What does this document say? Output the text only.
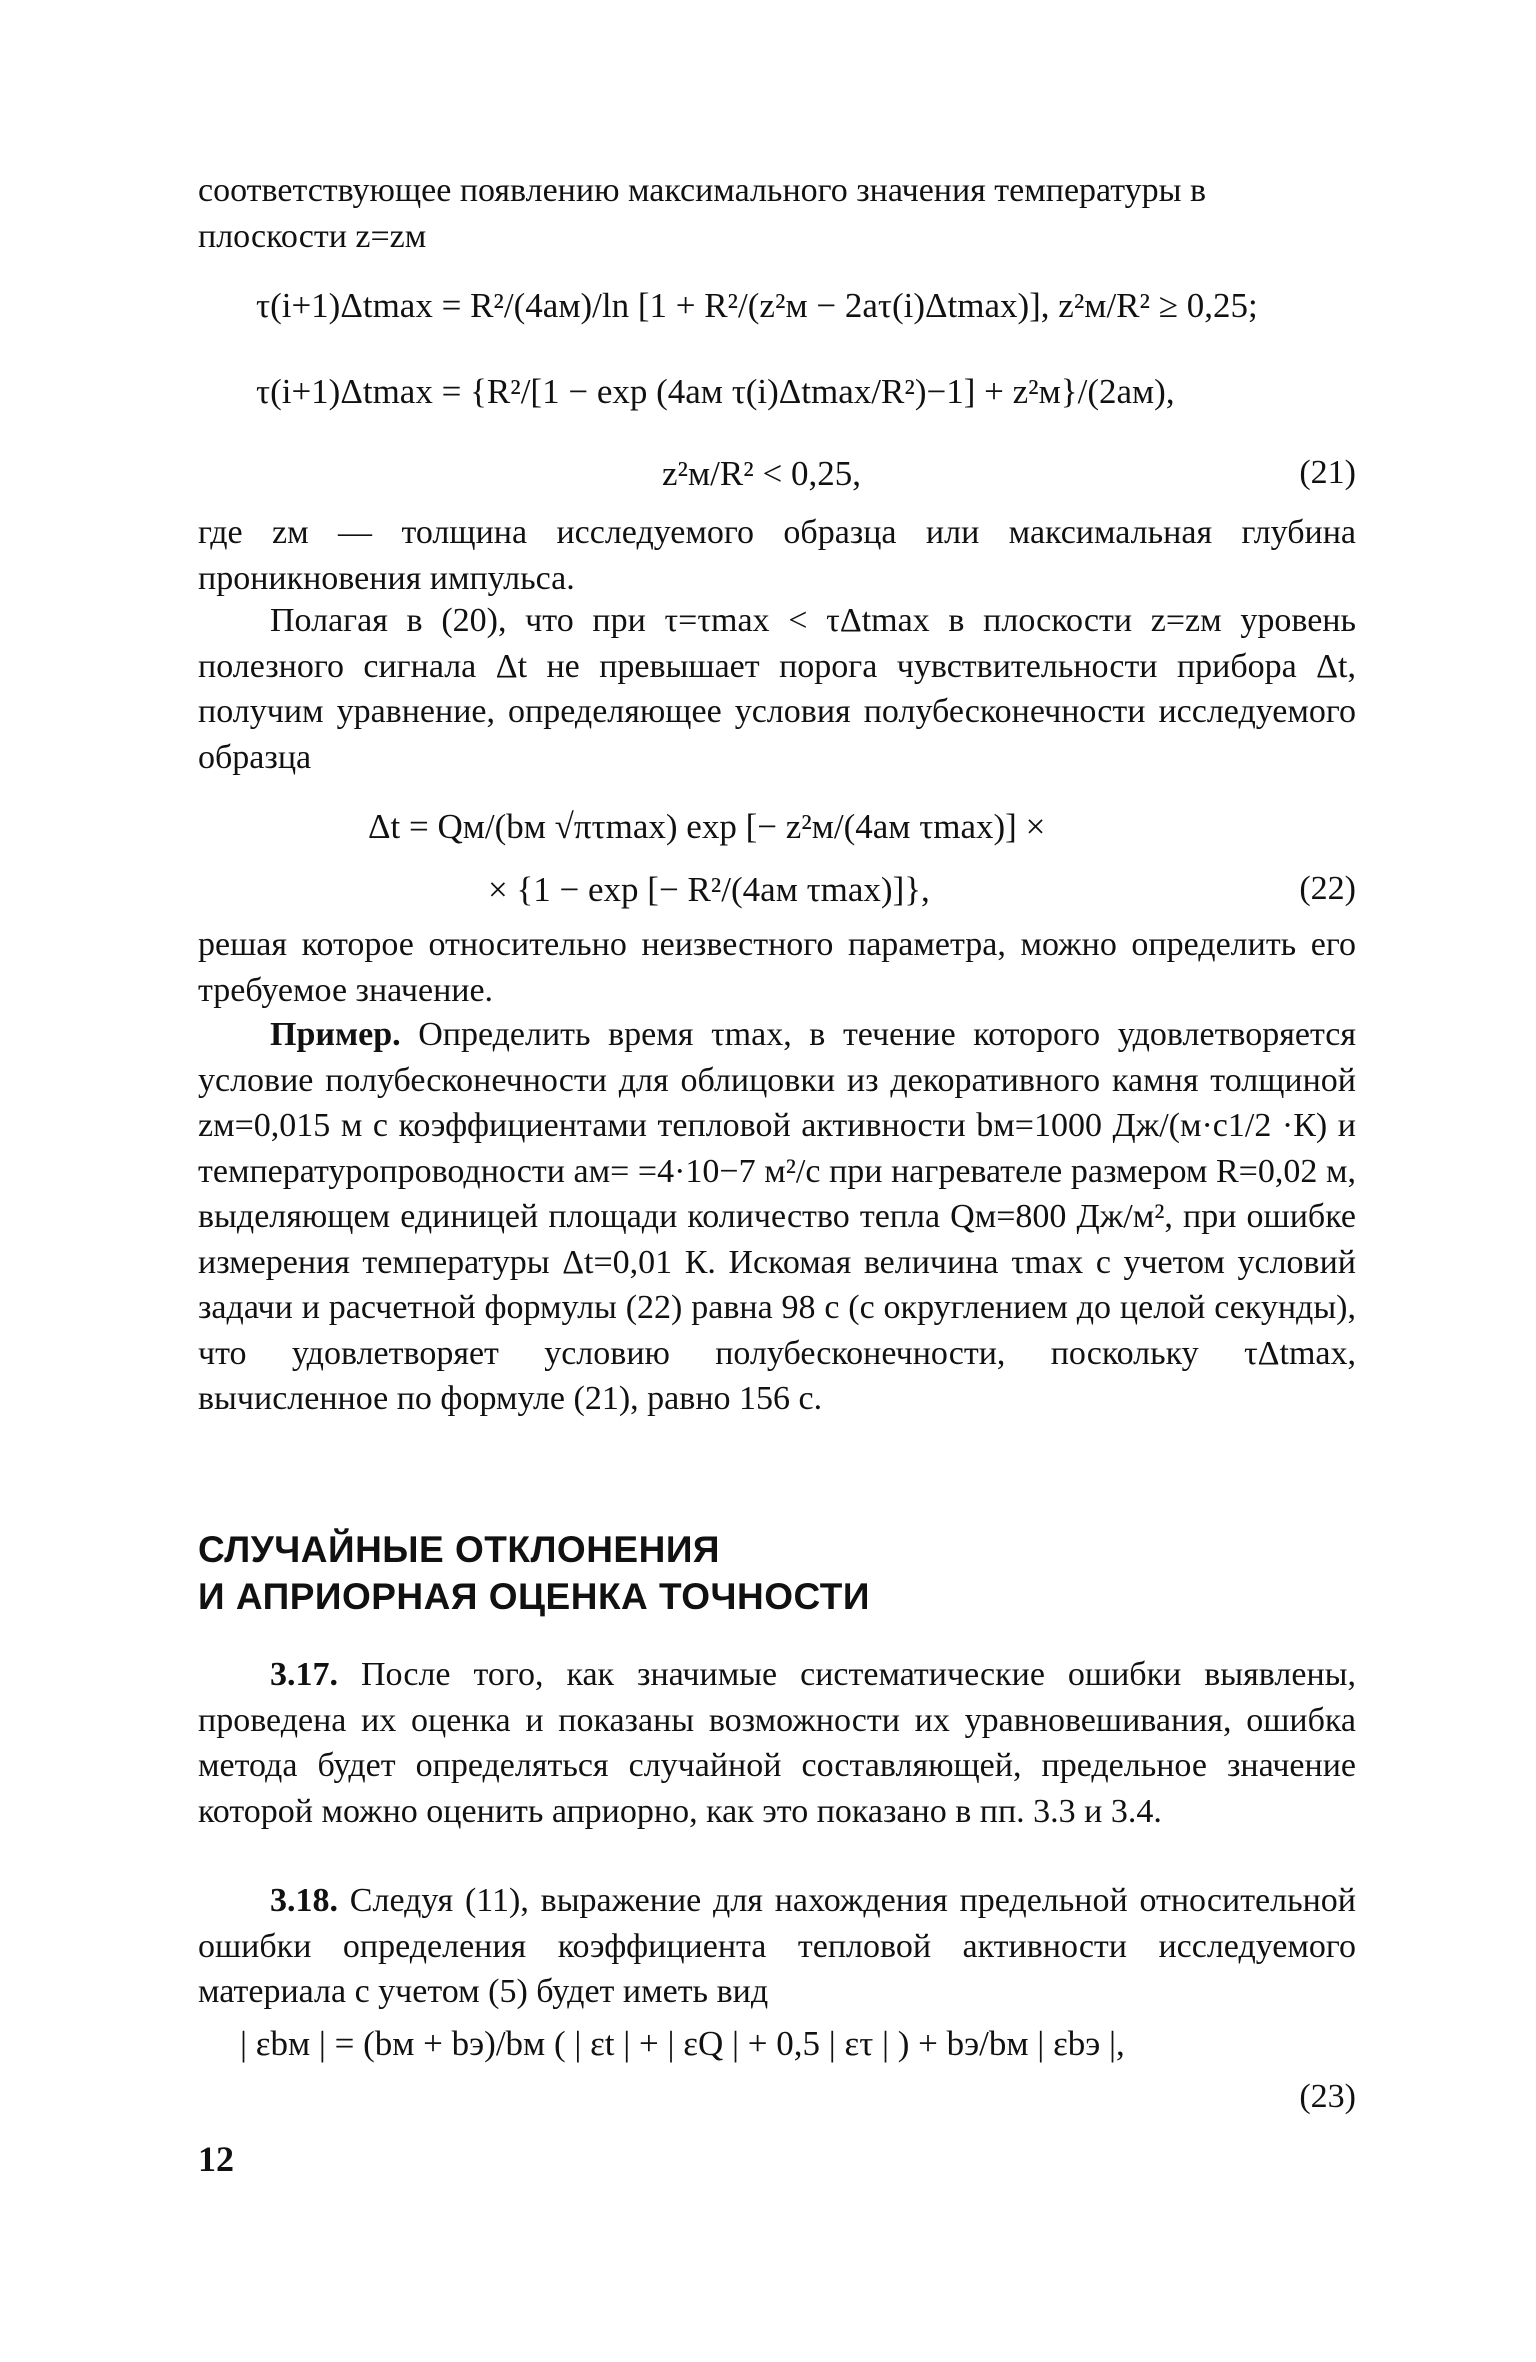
соответствующее появлению максимального значения температуры в

плоскости z=zм

τ(i+1)Δtmax = R²/(4aм)/ln [1 + R²/(z²м − 2aτ(i)Δtmax)], z²м/R² ≥ 0,25;
τ(i+1)Δtmax = {R²/[1 − exp (4aм τ(i)Δtmax/R²)−1] + z²м}/(2aм),
z²м/R² < 0,25,	(21)

где zм — толщина исследуемого образца или максимальная глубина проникновения импульса.

Полагая в (20), что при τ=τmax < τΔtmax в плоскости z=zм уровень полезного сигнала Δt не превышает порога чувствительности прибора Δt, получим уравнение, определяющее условия полубесконечности исследуемого образца

Δt = Qм/(bм √πτmax) exp [− z²м/(4aм τmax)] ×
× {1 − exp [− R²/(4aм τmax)]},	(22)

решая которое относительно неизвестного параметра, можно определить его требуемое значение.

Пример. Определить время τmax, в течение которого удовлетворяется условие полубесконечности для облицовки из декоративного камня толщиной zм=0,015 м с коэффициентами тепловой активности bм=1000 Дж/(м·с1/2 ·К) и температуропроводности aм= =4·10−7 м²/с при нагревателе размером R=0,02 м, выделяющем единицей площади количество тепла Qм=800 Дж/м², при ошибке измерения температуры Δt=0,01 К. Искомая величина τmax с учетом условий задачи и расчетной формулы (22) равна 98 с (с округлением до целой секунды), что удовлетворяет условию полубесконечности, поскольку τΔtmax, вычисленное по формуле (21), равно 156 с.

СЛУЧАЙНЫЕ ОТКЛОНЕНИЯ
И АПРИОРНАЯ ОЦЕНКА ТОЧНОСТИ

3.17. После того, как значимые систематические ошибки выявлены, проведена их оценка и показаны возможности их уравновешивания, ошибка метода будет определяться случайной составляющей, предельное значение которой можно оценить априорно, как это показано в пп. 3.3 и 3.4.

3.18. Следуя (11), выражение для нахождения предельной относительной ошибки определения коэффициента тепловой активности исследуемого материала с учетом (5) будет иметь вид

| εbм | = (bм + bэ)/bм ( | εt | + | εQ | + 0,5 | ετ | ) + bэ/bм | εbэ |,
(23)
12
